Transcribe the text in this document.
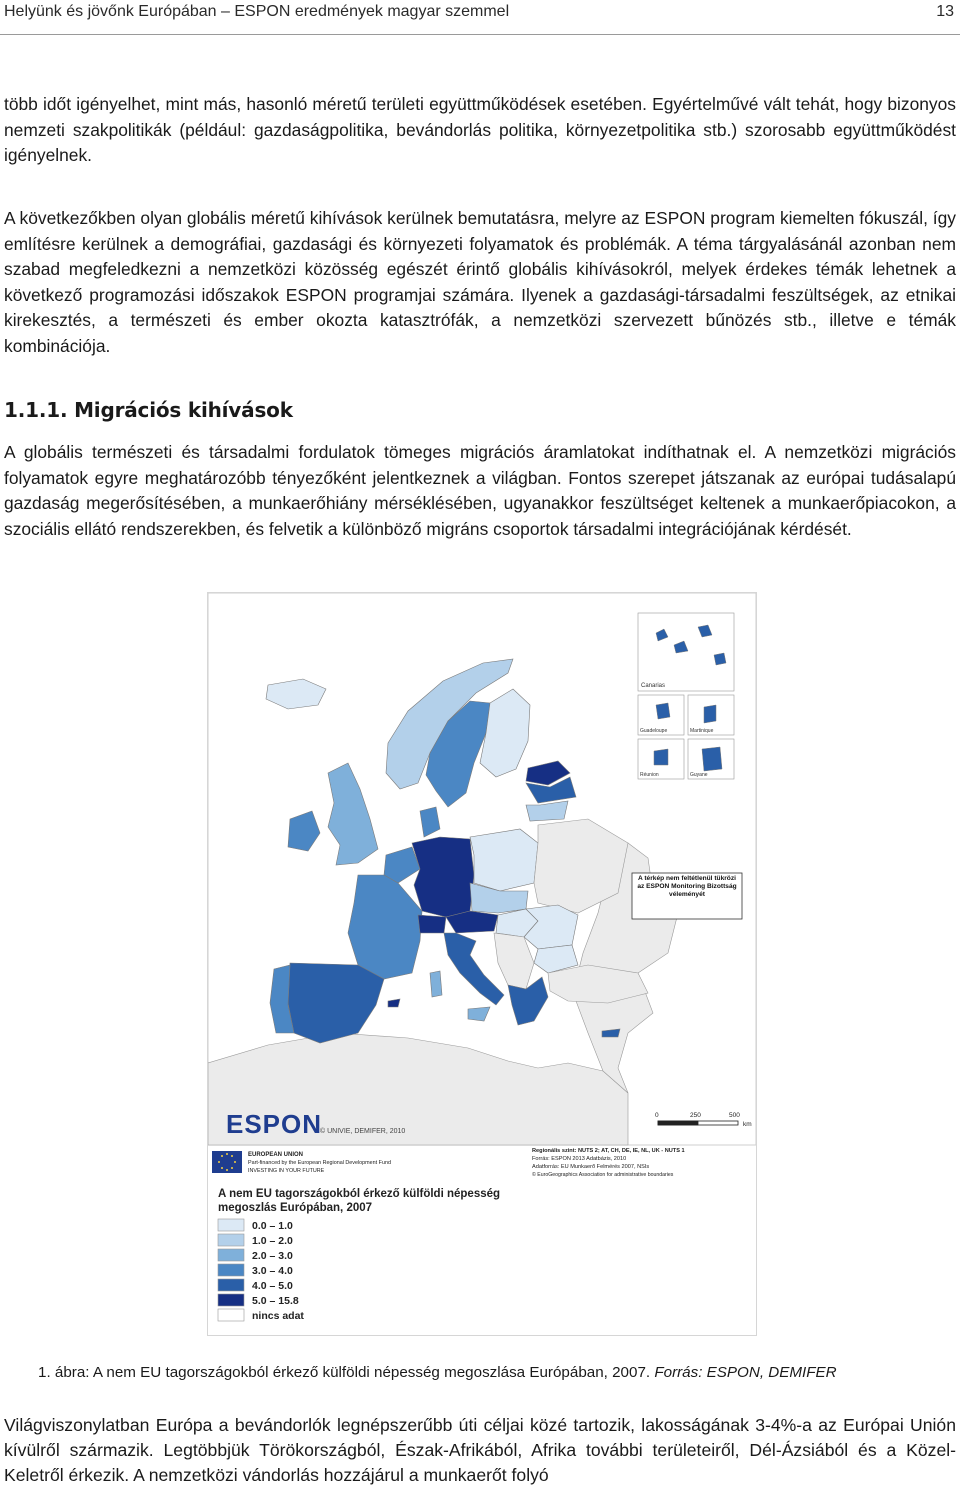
Helyünk és jövőnk Európában – ESPON eredmények magyar szemmel	13

több időt igényelhet, mint más, hasonló méretű területi együttműködések esetében. Egyértelművé vált tehát, hogy bizonyos nemzeti szakpolitikák (például: gazdaságpolitika, bevándorlás politika, környezetpolitika stb.) szorosabb együttműködést igényelnek.

A következőkben olyan globális méretű kihívások kerülnek bemutatásra, melyre az ESPON program kiemelten fókuszál, így említésre kerülnek a demográfiai, gazdasági és környezeti folyamatok és problémák. A téma tárgyalásánál azonban nem szabad megfeledkezni a nemzetközi közösség egészét érintő globális kihívásokról, melyek érdekes témák lehetnek a következő programozási időszakok ESPON programjai számára. Ilyenek a gazdasági-társadalmi feszültségek, az etnikai kirekesztés, a természeti és ember okozta katasztrófák, a nemzetközi szervezett bűnözés stb., illetve e témák kombinációja.

1.1.1. Migrációs kihívások

A globális természeti és társadalmi fordulatok tömeges migrációs áramlatokat indíthatnak el. A nemzetközi migrációs folyamatok egyre meghatározóbb tényezőként jelentkeznek a világban. Fontos szerepet játszanak az európai tudásalapú gazdaság megerősítésében, a munkaerőhiány mérséklésében, ugyanakkor feszültséget keltenek a munkaerőpiacokon, a szociális ellátó rendszerekben, és felvetik a különböző migráns csoportok társadalmi integrációjának kérdését.

Canarias
Guadeloupe	Martinique
Réunion	Guyane
A térkép nem feltétlenül tükrözi az ESPON Monitoring Bizottság véleményét
ESPON
© UNIVIE, DEMIFER, 2010
0	250	500
km
EUROPEAN UNION
Part-financed by the European Regional Development Fund
INVESTING IN YOUR FUTURE
Regionális szint: NUTS 2; AT, CH, DE, IE, NL, UK - NUTS 1
Forrás: ESPON 2013 Adatbázis, 2010
Adatforrás: EU Munkaerő Felmérés 2007, NSIs
© EuroGeographics Association for administrative boundaries
A nem EU tagországokból érkező külföldi népesség
megoszlás Európában, 2007
0.0 – 1.0
1.0 – 2.0
2.0 – 3.0
3.0 – 4.0
4.0 – 5.0
5.0 – 15.8
nincs adat

1. ábra: A nem EU tagországokból érkező külföldi népesség megoszlása Európában, 2007. Forrás: ESPON, DEMIFER

Világviszonylatban Európa a bevándorlók legnépszerűbb úti céljai közé tartozik, lakosságának 3-4%-a az Európai Unión kívülről származik. Legtöbbjük Törökországból, Észak-Afrikából, Afrika további területeiről, Dél-Ázsiából és a Közel-Keletről érkezik. A nemzetközi vándorlás hozzájárul a munkaerőt folyó
